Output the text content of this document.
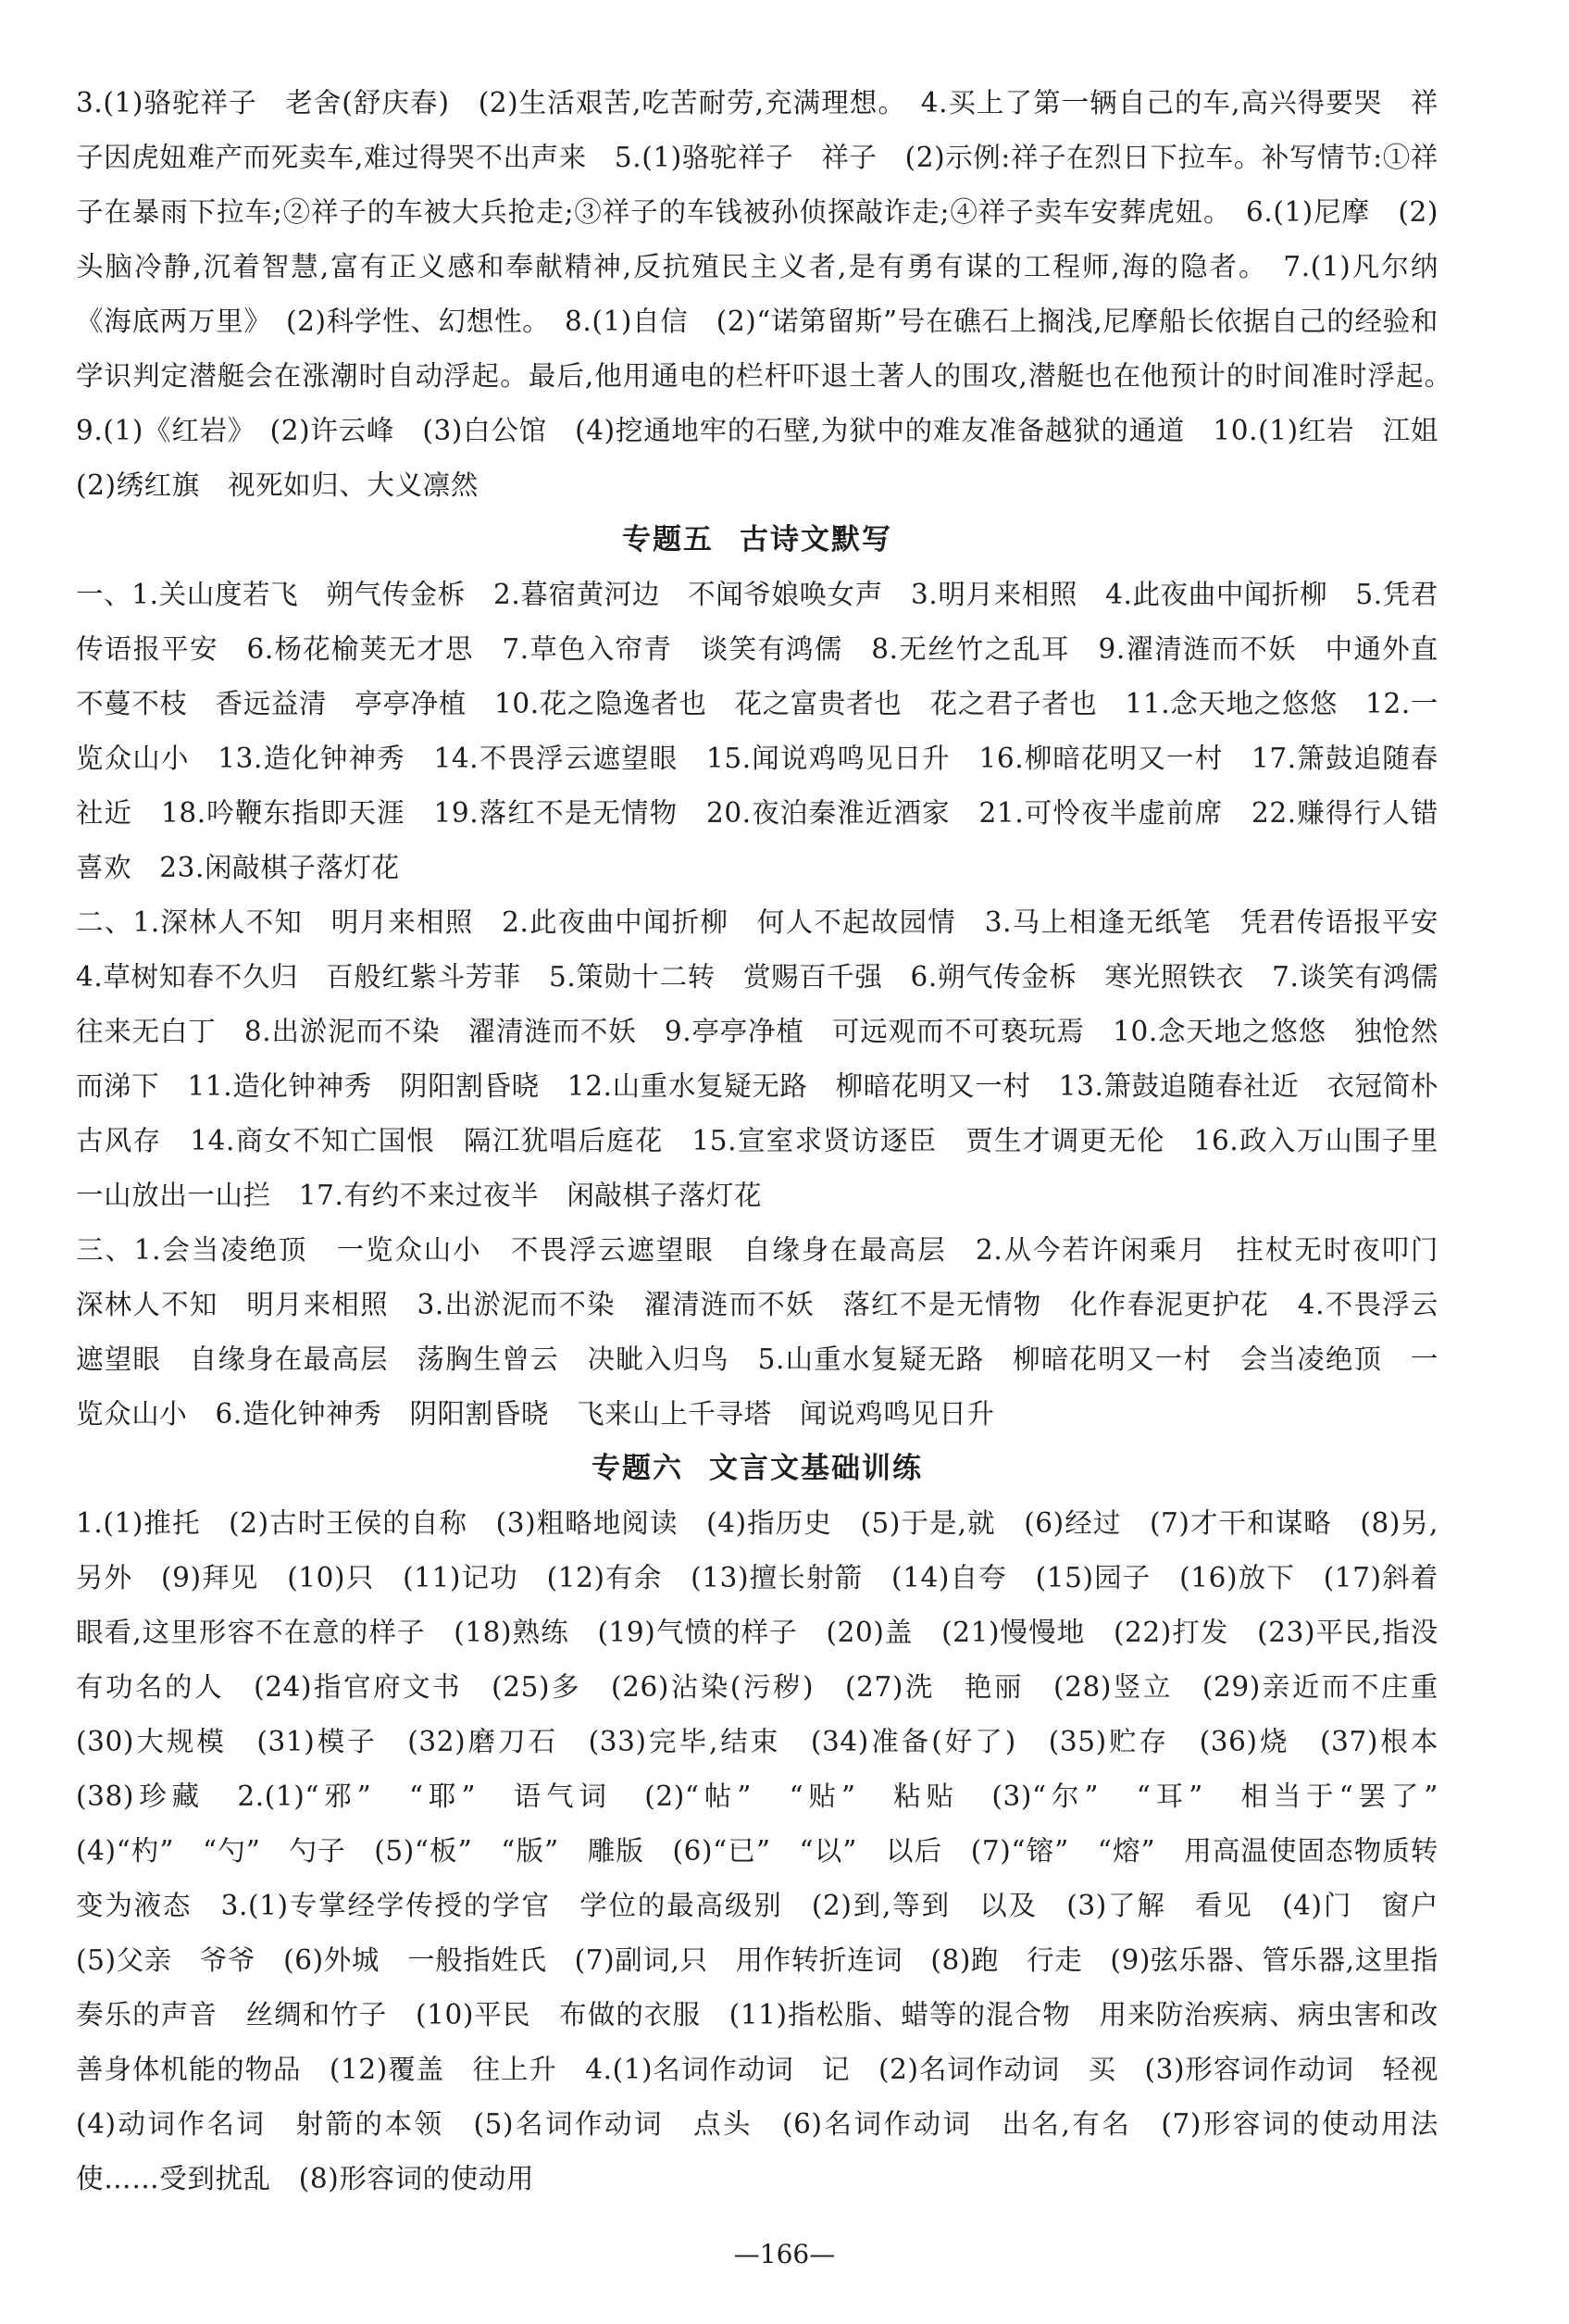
3.(1)骆驼祥子　老舍(舒庆春)　(2)生活艰苦,吃苦耐劳,充满理想。　4.买上了第一辆自己的车,高兴得要哭　祥子因虎妞难产而死卖车,难过得哭不出声来　5.(1)骆驼祥子　祥子　(2)示例:祥子在烈日下拉车。补写情节:①祥子在暴雨下拉车;②祥子的车被大兵抢走;③祥子的车钱被孙侦探敲诈走;④祥子卖车安葬虎妞。　6.(1)尼摩　(2)头脑冷静,沉着智慧,富有正义感和奉献精神,反抗殖民主义者,是有勇有谋的工程师,海的隐者。　7.(1)凡尔纳　《海底两万里》　(2)科学性、幻想性。　8.(1)自信　(2)“诺第留斯”号在礁石上搁浅,尼摩船长依据自己的经验和学识判定潜艇会在涨潮时自动浮起。最后,他用通电的栏杆吓退土著人的围攻,潜艇也在他预计的时间准时浮起。　9.(1)《红岩》　(2)许云峰　(3)白公馆　(4)挖通地牢的石壁,为狱中的难友准备越狱的通道　10.(1)红岩　江姐　(2)绣红旗　视死如归、大义凛然

专题五 古诗文默写

一、1.关山度若飞　朔气传金柝　2.暮宿黄河边　不闻爷娘唤女声　3.明月来相照　4.此夜曲中闻折柳　5.凭君传语报平安　6.杨花榆荚无才思　7.草色入帘青　谈笑有鸿儒　8.无丝竹之乱耳　9.濯清涟而不妖　中通外直　不蔓不枝　香远益清　亭亭净植　10.花之隐逸者也　花之富贵者也　花之君子者也　11.念天地之悠悠　12.一览众山小　13.造化钟神秀　14.不畏浮云遮望眼　15.闻说鸡鸣见日升　16.柳暗花明又一村　17.箫鼓追随春社近　18.吟鞭东指即天涯　19.落红不是无情物　20.夜泊秦淮近酒家　21.可怜夜半虚前席　22.赚得行人错喜欢　23.闲敲棋子落灯花

二、1.深林人不知　明月来相照　2.此夜曲中闻折柳　何人不起故园情　3.马上相逢无纸笔　凭君传语报平安　4.草树知春不久归　百般红紫斗芳菲　5.策勋十二转　赏赐百千强　6.朔气传金柝　寒光照铁衣　7.谈笑有鸿儒　往来无白丁　8.出淤泥而不染　濯清涟而不妖　9.亭亭净植　可远观而不可亵玩焉　10.念天地之悠悠　独怆然而涕下　11.造化钟神秀　阴阳割昏晓　12.山重水复疑无路　柳暗花明又一村　13.箫鼓追随春社近　衣冠简朴古风存　14.商女不知亡国恨　隔江犹唱后庭花　15.宣室求贤访逐臣　贾生才调更无伦　16.政入万山围子里　一山放出一山拦　17.有约不来过夜半　闲敲棋子落灯花

三、1.会当凌绝顶　一览众山小　不畏浮云遮望眼　自缘身在最高层　2.从今若许闲乘月　拄杖无时夜叩门　深林人不知　明月来相照　3.出淤泥而不染　濯清涟而不妖　落红不是无情物　化作春泥更护花　4.不畏浮云遮望眼　自缘身在最高层　荡胸生曾云　决眦入归鸟　5.山重水复疑无路　柳暗花明又一村　会当凌绝顶　一览众山小　6.造化钟神秀　阴阳割昏晓　飞来山上千寻塔　闻说鸡鸣见日升

专题六 文言文基础训练

1.(1)推托　(2)古时王侯的自称　(3)粗略地阅读　(4)指历史　(5)于是,就　(6)经过　(7)才干和谋略　(8)另,另外　(9)拜见　(10)只　(11)记功　(12)有余　(13)擅长射箭　(14)自夸　(15)园子　(16)放下　(17)斜着眼看,这里形容不在意的样子　(18)熟练　(19)气愤的样子　(20)盖　(21)慢慢地　(22)打发　(23)平民,指没有功名的人　(24)指官府文书　(25)多　(26)沾染(污秽)　(27)洗　艳丽　(28)竖立　(29)亲近而不庄重　(30)大规模　(31)模子　(32)磨刀石　(33)完毕,结束　(34)准备(好了)　(35)贮存　(36)烧　(37)根本　(38)珍藏　2.(1)“邪”　“耶”　语气词　(2)“帖”　“贴”　粘贴　(3)“尔”　“耳”　相当于“罢了”　(4)“杓”　“勺”　勺子　(5)“板”　“版”　雕版　(6)“已”　“以”　以后　(7)“镕”　“熔”　用高温使固态物质转变为液态　3.(1)专掌经学传授的学官　学位的最高级别　(2)到,等到　以及　(3)了解　看见　(4)门　窗户　(5)父亲　爷爷　(6)外城　一般指姓氏　(7)副词,只　用作转折连词　(8)跑　行走　(9)弦乐器、管乐器,这里指奏乐的声音　丝绸和竹子　(10)平民　布做的衣服　(11)指松脂、蜡等的混合物　用来防治疾病、病虫害和改善身体机能的物品　(12)覆盖　往上升　4.(1)名词作动词　记　(2)名词作动词　买　(3)形容词作动词　轻视　(4)动词作名词　射箭的本领　(5)名词作动词　点头　(6)名词作动词　出名,有名　(7)形容词的使动用法　使……受到扰乱　(8)形容词的使动用

—166—
